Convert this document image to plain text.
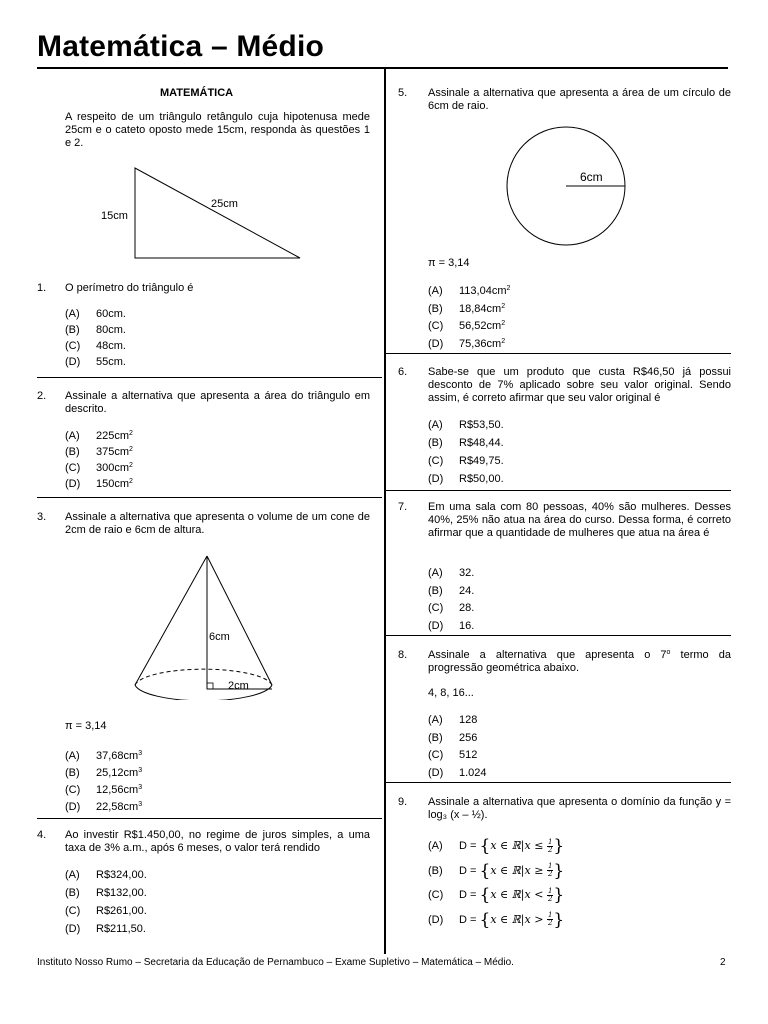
Matemática – Médio
MATEMÁTICA
A respeito de um triângulo retângulo cuja hipotenusa mede 25cm e o cateto oposto mede 15cm, responda às questões 1 e 2.
25cm
15cm
1.	O perímetro do triângulo é
(A) 60cm.
(B) 80cm.
(C) 48cm.
(D) 55cm.
2.	Assinale a alternativa que apresenta a área do triângulo em descrito.
(A) $225cm^2$
(B) $375cm^2$
(C) $300cm^2$
(D) $150cm^2$
3.	Assinale a alternativa que apresenta o volume de um cone de 2cm de raio e 6cm de altura.
6cm
2cm
π = 3,14
(A) $37,68cm^3$
(B) $25,12cm^3$
(C) $12,56cm^3$
(D) $22,58cm^3$
4.	Ao investir R$1.450,00, no regime de juros simples, a uma taxa de 3% a.m., após 6 meses, o valor terá rendido
(A) R$324,00.
(B) R$132,00.
(C) R$261,00.
(D) R$211,50.
5.	Assinale a alternativa que apresenta a área de um círculo de 6cm de raio.
6cm
π = 3,14
(A) $113,04cm^2$
(B) $18,84cm^2$
(C) $56,52cm^2$
(D) $75,36cm^2$
6.	Sabe-se que um produto que custa R$46,50 já possui desconto de 7% aplicado sobre seu valor original. Sendo assim, é correto afirmar que seu valor original é
(A) R$53,50.
(B) R$48,44.
(C) R$49,75.
(D) R$50,00.
7.	Em uma sala com 80 pessoas, 40% são mulheres. Desses 40%, 25% não atua na área do curso. Dessa forma, é correto afirmar que a quantidade de mulheres que atua na área é
(A) 32.
(B) 24.
(C) 28.
(D) 16.
8.	Assinale a alternativa que apresenta o 7$^o$ termo da progressão geométrica abaixo.
4, 8, 16...
(A) 128
(B) 256
(C) 512
(D) 1.024
9.	Assinale a alternativa que apresenta o domínio da função y = log₃ (x – ½).
(A) D = {x ∈ ℝ|x ≤ $\frac{1}{2}$ }
(B) D = {x ∈ ℝ|x ≥ $\frac{1}{2}$ }
(C) D = {x ∈ ℝ|x < $\frac{1}{2}$ }
(D) D = {x ∈ ℝ|x > $\frac{1}{2}$ }
Instituto Nosso Rumo – Secretaria da Educação de Pernambuco – Exame Supletivo – Matemática – Médio.	2
